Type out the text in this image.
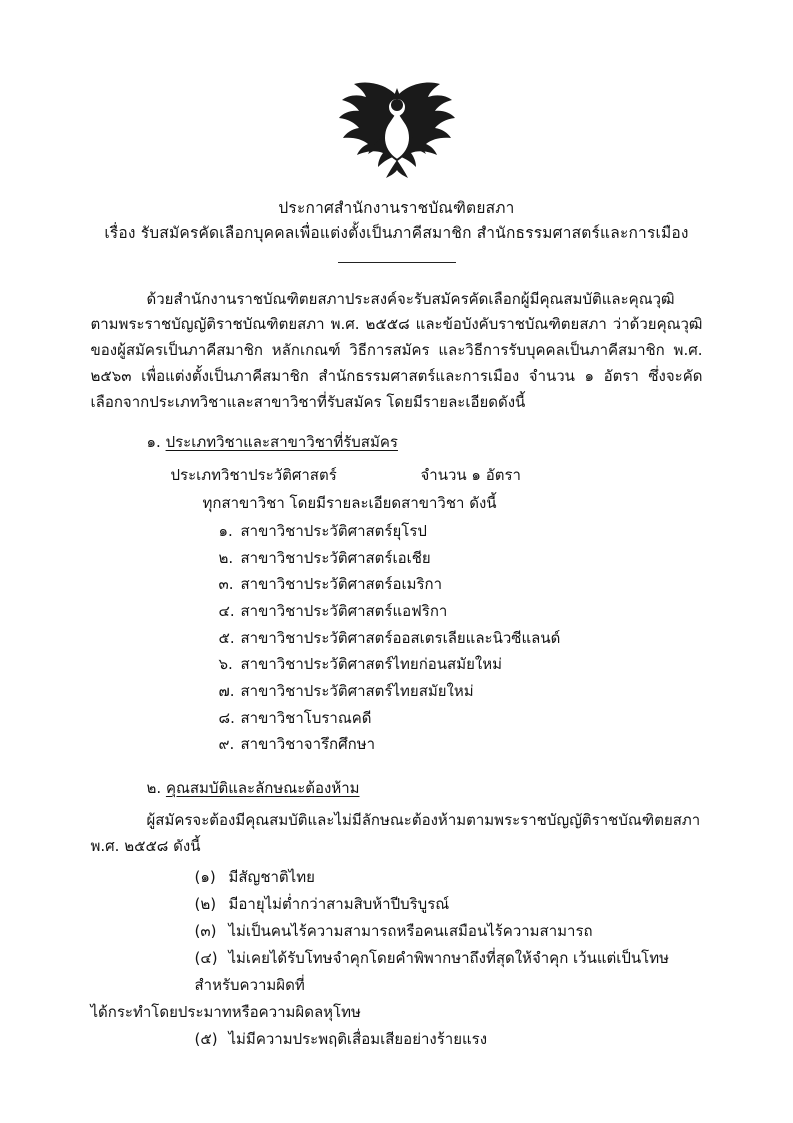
ประกาศสำนักงานราชบัณฑิตยสภา
เรื่อง รับสมัครคัดเลือกบุคคลเพื่อแต่งตั้งเป็นภาคีสมาชิก สำนักธรรมศาสตร์และการเมือง
ด้วยสำนักงานราชบัณฑิตยสภาประสงค์จะรับสมัครคัดเลือกผู้มีคุณสมบัติและคุณวุฒิตามพระราชบัญญัติราชบัณฑิตยสภา พ.ศ. ๒๕๕๘ และข้อบังคับราชบัณฑิตยสภา ว่าด้วยคุณวุฒิของผู้สมัครเป็นภาคีสมาชิก หลักเกณฑ์ วิธีการสมัคร และวิธีการรับบุคคลเป็นภาคีสมาชิก พ.ศ. ๒๕๖๓ เพื่อแต่งตั้งเป็นภาคีสมาชิก สำนักธรรมศาสตร์และการเมือง จำนวน ๑ อัตรา ซึ่งจะคัดเลือกจากประเภทวิชาและสาขาวิชาที่รับสมัคร โดยมีรายละเอียดดังนี้
๑. ประเภทวิชาและสาขาวิชาที่รับสมัคร
ประเภทวิชาประวัติศาสตร์	จำนวน ๑ อัตรา
ทุกสาขาวิชา โดยมีรายละเอียดสาขาวิชา ดังนี้
๑. สาขาวิชาประวัติศาสตร์ยุโรป
๒. สาขาวิชาประวัติศาสตร์เอเชีย
๓. สาขาวิชาประวัติศาสตร์อเมริกา
๔. สาขาวิชาประวัติศาสตร์แอฟริกา
๕. สาขาวิชาประวัติศาสตร์ออสเตรเลียและนิวซีแลนด์
๖. สาขาวิชาประวัติศาสตร์ไทยก่อนสมัยใหม่
๗. สาขาวิชาประวัติศาสตร์ไทยสมัยใหม่
๘. สาขาวิชาโบราณคดี
๙. สาขาวิชาจารึกศึกษา
๒. คุณสมบัติและลักษณะต้องห้าม
ผู้สมัครจะต้องมีคุณสมบัติและไม่มีลักษณะต้องห้ามตามพระราชบัญญัติราชบัณฑิตยสภา
พ.ศ. ๒๕๕๘ ดังนี้
(๑) มีสัญชาติไทย
(๒) มีอายุไม่ต่ำกว่าสามสิบห้าปีบริบูรณ์
(๓) ไม่เป็นคนไร้ความสามารถหรือคนเสมือนไร้ความสามารถ
(๔) ไม่เคยได้รับโทษจำคุกโดยคำพิพากษาถึงที่สุดให้จำคุก เว้นแต่เป็นโทษสำหรับความผิดที่
ได้กระทำโดยประมาทหรือความผิดลหุโทษ
(๕) ไม่มีความประพฤติเสื่อมเสียอย่างร้ายแรง
